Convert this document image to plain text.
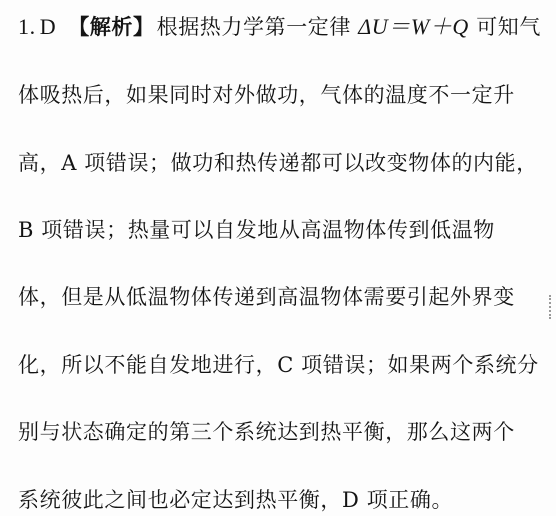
1. D 【解析】根据热力学第一定律 ΔU＝W＋Q 可知气
体吸热后，如果同时对外做功，气体的温度不一定升
高，A 项错误；做功和热传递都可以改变物体的内能，
B 项错误；热量可以自发地从高温物体传到低温物
体，但是从低温物体传递到高温物体需要引起外界变
化，所以不能自发地进行，C 项错误；如果两个系统分
别与状态确定的第三个系统达到热平衡，那么这两个
系统彼此之间也必定达到热平衡，D 项正确。
